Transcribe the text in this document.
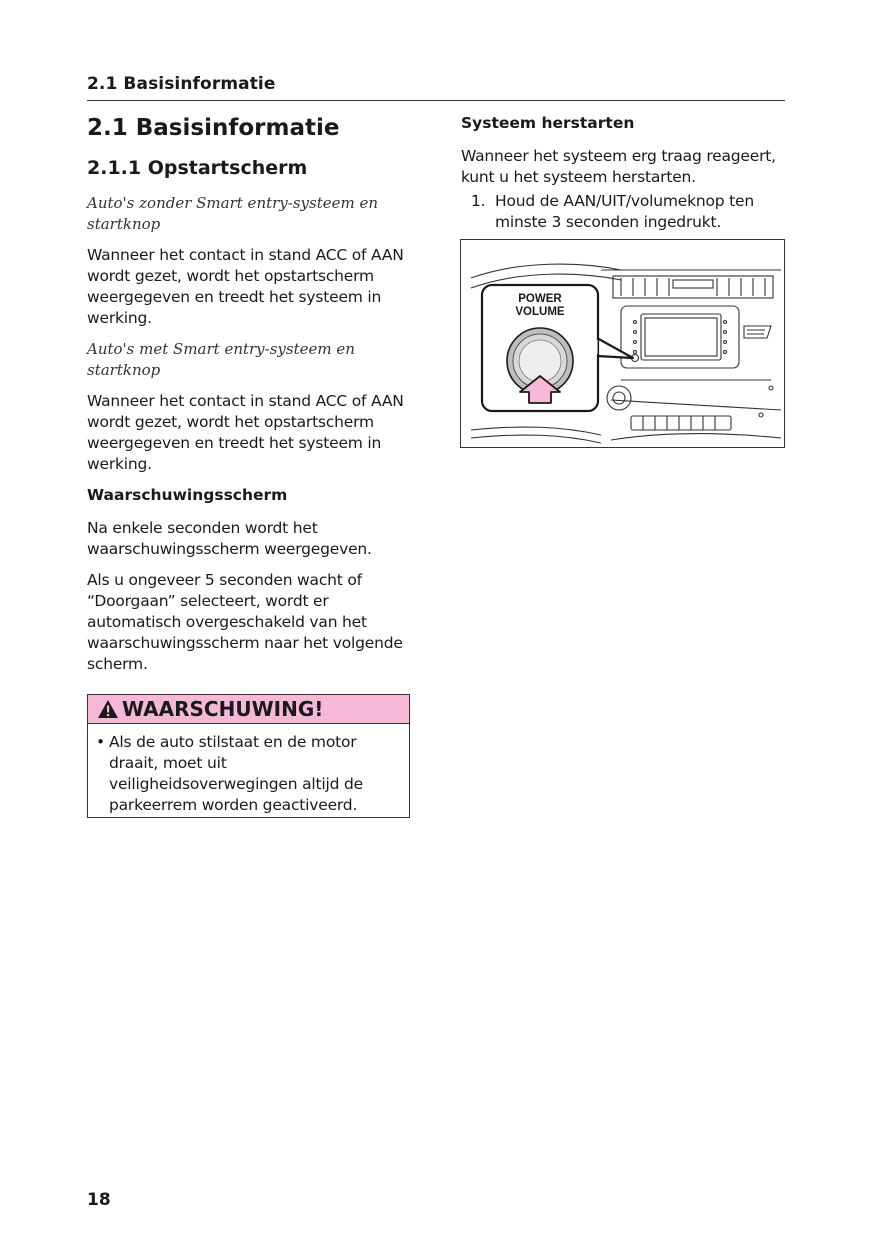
2.1 Basisinformatie
2.1 Basisinformatie
2.1.1 Opstartscherm

Auto's zonder Smart entry-systeem en startknop

Wanneer het contact in stand ACC of AAN wordt gezet, wordt het opstartscherm weergegeven en treedt het systeem in werking.

Auto's met Smart entry-systeem en startknop

Wanneer het contact in stand ACC of AAN wordt gezet, wordt het opstartscherm weergegeven en treedt het systeem in werking.

Waarschuwingsscherm

Na enkele seconden wordt het waarschuwingsscherm weergegeven.

Als u ongeveer 5 seconden wacht of “Doorgaan” selecteert, wordt er automatisch overgeschakeld van het waarschuwingsscherm naar het volgende scherm.

WAARSCHUWING!
• Als de auto stilstaat en de motor draait, moet uit veiligheidsoverwegingen altijd de parkeerrem worden geactiveerd.

Systeem herstarten

Wanneer het systeem erg traag reageert, kunt u het systeem herstarten.

1. Houd de AAN/UIT/volumeknop ten minste 3 seconden ingedrukt.
POWER
VOLUME
18
